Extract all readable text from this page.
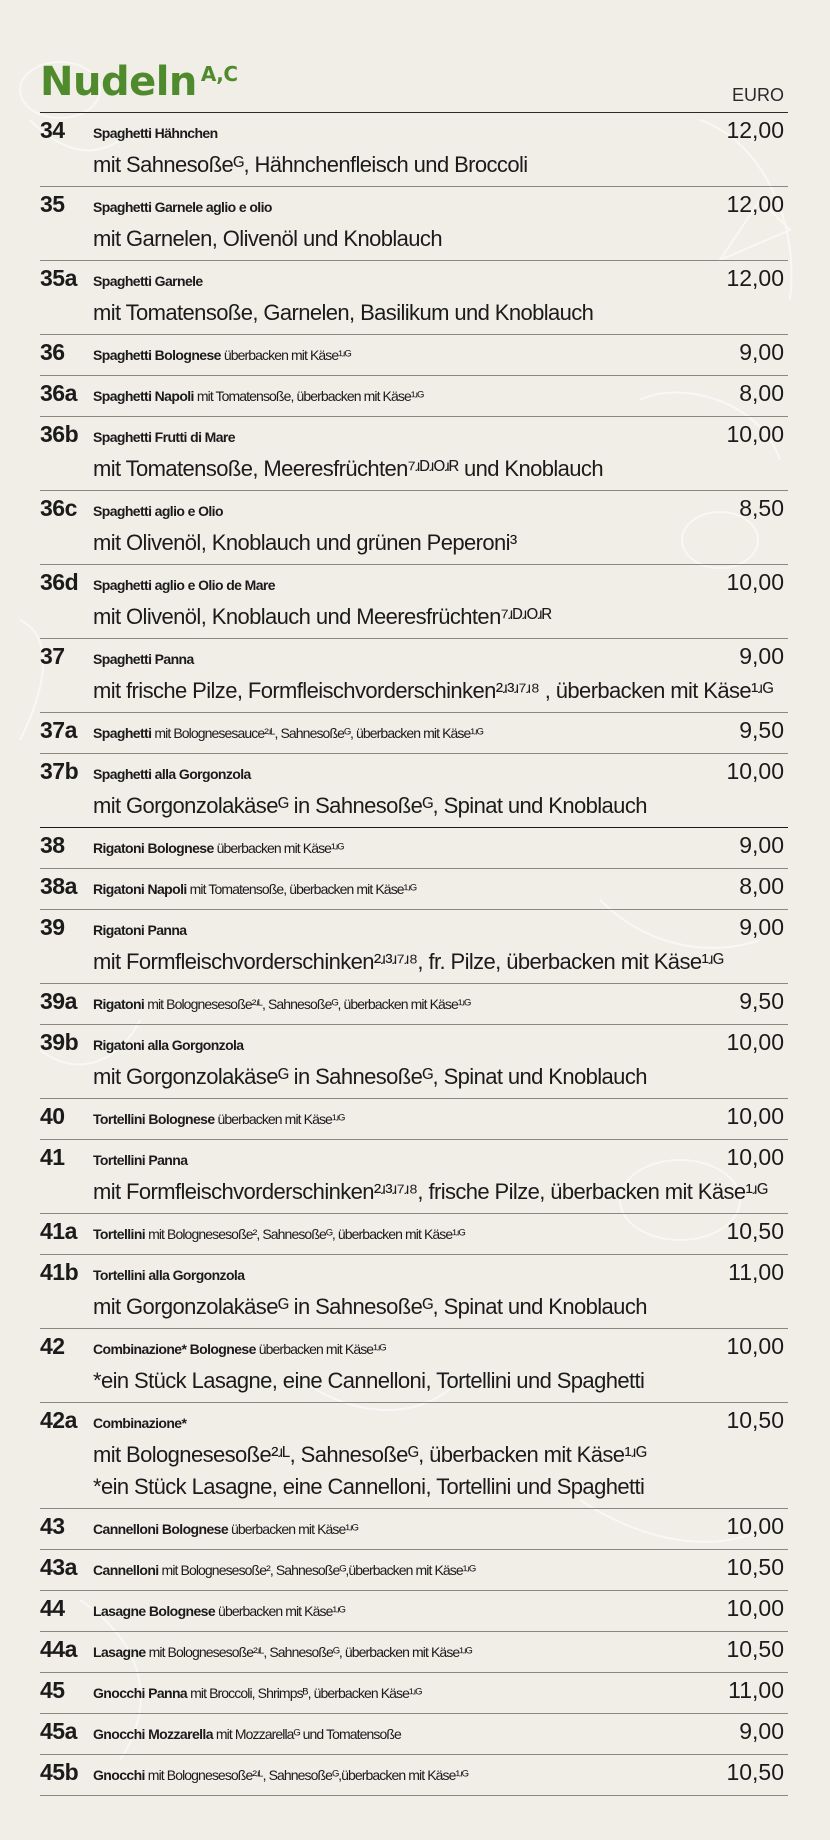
Nudeln $^{A,C}$
EURO
34 Spaghetti Hähnchen
mit Sahnesoßeᴳ, Hähnchenfleisch und Broccoli
12,00
35 Spaghetti Garnele aglio e olio
mit Garnelen, Olivenöl und Knoblauch
12,00
35a Spaghetti Garnele
mit Tomatensoße, Garnelen, Basilikum und Knoblauch
12,00
36 Spaghetti Bolognese überbacken mit Käse¹ʴᴳ	9,00
36a Spaghetti Napoli mit Tomatensoße, überbacken mit Käse¹ʴᴳ	8,00
36b Spaghetti Frutti di Mare
mit Tomatensoße, Meeresfrüchten⁷ʴᴰʴᴼʴᴿ und Knoblauch
10,00
36c Spaghetti aglio e Olio
mit Olivenöl, Knoblauch und grünen Peperoni³
8,50
36d Spaghetti aglio e Olio de Mare
mit Olivenöl, Knoblauch und Meeresfrüchten⁷ʴᴰʴᴼʴᴿ
10,00
37 Spaghetti Panna
mit frische Pilze, Formfleischvorderschinken²ʴ³ʴ⁷ʴ⁸ , überbacken mit Käse¹ʴᴳ
9,00
37a Spaghetti mit Bolognesesauce²ʴᴸ, Sahnesoßeᴳ, überbacken mit Käse¹ʴᴳ	9,50
37b Spaghetti alla Gorgonzola
mit Gorgonzolakäseᴳ in Sahnesoßeᴳ, Spinat und Knoblauch
10,00
38 Rigatoni Bolognese überbacken mit Käse¹ʴᴳ	9,00
38a Rigatoni Napoli mit Tomatensoße, überbacken mit Käse¹ʴᴳ	8,00
39 Rigatoni Panna
mit Formfleischvorderschinken²ʴ³ʴ⁷ʴ⁸, fr. Pilze, überbacken mit Käse¹ʴᴳ
9,00
39a Rigatoni mit Bolognesesoße²ʴᴸ, Sahnesoßeᴳ, überbacken mit Käse¹ʴᴳ	9,50
39b Rigatoni alla Gorgonzola
mit Gorgonzolakäseᴳ in Sahnesoßeᴳ, Spinat und Knoblauch
10,00
40 Tortellini Bolognese überbacken mit Käse¹ʴᴳ	10,00
41 Tortellini Panna
mit Formfleischvorderschinken²ʴ³ʴ⁷ʴ⁸, frische Pilze, überbacken mit Käse¹ʴᴳ
10,00
41a Tortellini mit Bolognesesoße², Sahnesoßeᴳ, überbacken mit Käse¹ʴᴳ	10,50
41b Tortellini alla Gorgonzola
mit Gorgonzolakäseᴳ in Sahnesoßeᴳ, Spinat und Knoblauch
11,00
42 Combinazione* Bolognese überbacken mit Käse¹ʴᴳ
*ein Stück Lasagne, eine Cannelloni, Tortellini und Spaghetti
10,00
42a Combinazione*
mit Bolognesesoße²ʴᴸ, Sahnesoßeᴳ, überbacken mit Käse¹ʴᴳ
*ein Stück Lasagne, eine Cannelloni, Tortellini und Spaghetti
10,50
43 Cannelloni Bolognese überbacken mit Käse¹ʴᴳ	10,00
43a Cannelloni mit Bolognesesoße², Sahnesoßeᴳ,überbacken mit Käse¹ʴᴳ	10,50
44 Lasagne Bolognese überbacken mit Käse¹ʴᴳ	10,00
44a Lasagne mit Bolognesesoße²ʴᴸ, Sahnesoßeᴳ, überbacken mit Käse¹ʴᴳ	10,50
45 Gnocchi Panna mit Broccoli, Shrimpsᴮ, überbacken Käse¹ʴᴳ	11,00
45a Gnocchi Mozzarella mit Mozzarellaᴳ und Tomatensoße	9,00
45b Gnocchi mit Bolognesesoße²ʴᴸ, Sahnesoßeᴳ,überbacken mit Käse¹ʴᴳ	10,50
